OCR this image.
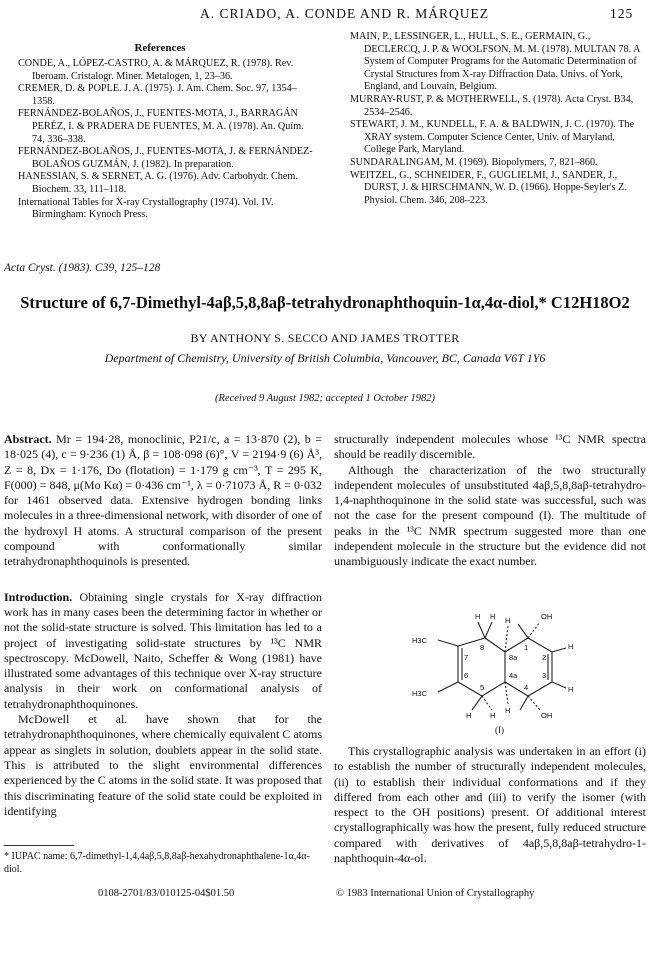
A. CRIADO, A. CONDE AND R. MÁRQUEZ	125
References

CONDE, A., LÓPEZ-CASTRO, A. & MÁRQUEZ, R. (1978). Rev. Iberoam. Cristalogr. Miner. Metalogen, 1, 23–36.

CREMER, D. & POPLE. J. A. (1975). J. Am. Chem. Soc. 97, 1354–1358.

FERNÁNDEZ-BOLAÑOS, J., FUENTES-MOTA, J., BARRAGÁN PERÉZ, I. & PRADERA DE FUENTES, M. A. (1978). An. Quím. 74, 336–338.

FERNÁNDEZ-BOLAÑOS, J., FUENTES-MOTA, J. & FERNÁNDEZ-BOLAÑOS GUZMÁN, J. (1982). In preparation.

HANESSIAN, S. & SERNET, A. G. (1976). Adv. Carbohydr. Chem. Biochem. 33, 111–118.

International Tables for X-ray Crystallography (1974). Vol. IV. Birmingham: Kynoch Press.

MAIN, P., LESSINGER, L., HULL, S. E., GERMAIN, G., DECLERCQ, J. P. & WOOLFSON, M. M. (1978). MULTAN 78. A System of Computer Programs for the Automatic Determination of Crystal Structures from X-ray Diffraction Data. Univs. of York, England, and Louvain, Belgium.

MURRAY-RUST, P. & MOTHERWELL, S. (1978). Acta Cryst. B34, 2534–2546.

STEWART, J. M., KUNDELL, F. A. & BALDWIN, J. C. (1970). The XRAY system. Computer Science Center, Univ. of Maryland, College Park, Maryland.

SUNDARALINGAM, M. (1969). Biopolymers, 7, 821–860.

WEITZEL, G., SCHNEIDER, F., GUGLIELMI, J., SANDER, J., DURST, J. & HIRSCHMANN, W. D. (1966). Hoppe-Seyler's Z. Physiol. Chem. 346, 208–223.

Acta Cryst. (1983). C39, 125–128
Structure of 6,7-Dimethyl-4aβ,5,8,8aβ-tetrahydronaphthoquin-1α,4α-diol,* C12H18O2
BY ANTHONY S. SECCO AND JAMES TROTTER
Department of Chemistry, University of British Columbia, Vancouver, BC, Canada V6T 1Y6
(Received 9 August 1982; accepted 1 October 1982)

Abstract. Mr = 194·28, monoclinic, P21/c, a = 13·870 (2), b = 18·025 (4), c = 9·236 (1) Å, β = 108·098 (6)°, V = 2194·9 (6) Å³, Z = 8, Dx = 1·176, Do (flotation) = 1·179 g cm⁻³, T = 295 K, F(000) = 848, μ(Mo Kα) = 0·436 cm⁻¹, λ = 0·71073 Å, R = 0·032 for 1461 observed data. Extensive hydrogen bonding links molecules in a three-dimensional network, with disorder of one of the hydroxyl H atoms. A structural comparison of the present compound with conformationally similar tetrahydronaphthoquinols is presented.

Introduction. Obtaining single crystals for X-ray diffraction work has in many cases been the determining factor in whether or not the solid-state structure is solved. This limitation has led to a project of investigating solid-state structures by ¹³C NMR spectroscopy. McDowell, Naito, Scheffer & Wong (1981) have illustrated some advantages of this technique over X-ray structure analysis in their work on conformational analysis of tetrahydronaphthoquinones.

McDowell et al. have shown that for the tetrahydronaphthoquinones, where chemically equivalent C atoms appear as singlets in solution, doublets appear in the solid state. This is attributed to the slight environmental differences experienced by the C atoms in the solid state. It was proposed that this discriminating feature of the solid state could be exploited in identifying

structurally independent molecules whose ¹³C NMR spectra should be readily discernible.

Although the characterization of the two structurally independent molecules of unsubstituted 4aβ,5,8,8aβ-tetrahydro-1,4-naphthoquinone in the solid state was successful, such was not the case for the present compound (I). The multitude of peaks in the ¹³C NMR spectrum suggested more than one independent molecule in the structure but the evidence did not unambiguously indicate the exact number.

H H H	OH
H3C
8	1
8a	2
7
H
6	4a	3
H
H3C
5	4
H H	OH
H
(I)

This crystallographic analysis was undertaken in an effort (i) to establish the number of structurally independent molecules, (ii) to establish their individual conformations and if they differed from each other and (iii) to verify the isomer (with respect to the OH positions) present. Of additional interest crystallographically was how the present, fully reduced structure compared with derivatives of 4aβ,5,8,8aβ-tetrahydro-1-naphthoquin-4α-ol.

* IUPAC name: 6,7-dimethyl-1,4,4aβ,5,8,8aβ-hexahydronaphthalene-1α,4α-diol.
0108-2701/83/010125-04$01.50	© 1983 International Union of Crystallography
